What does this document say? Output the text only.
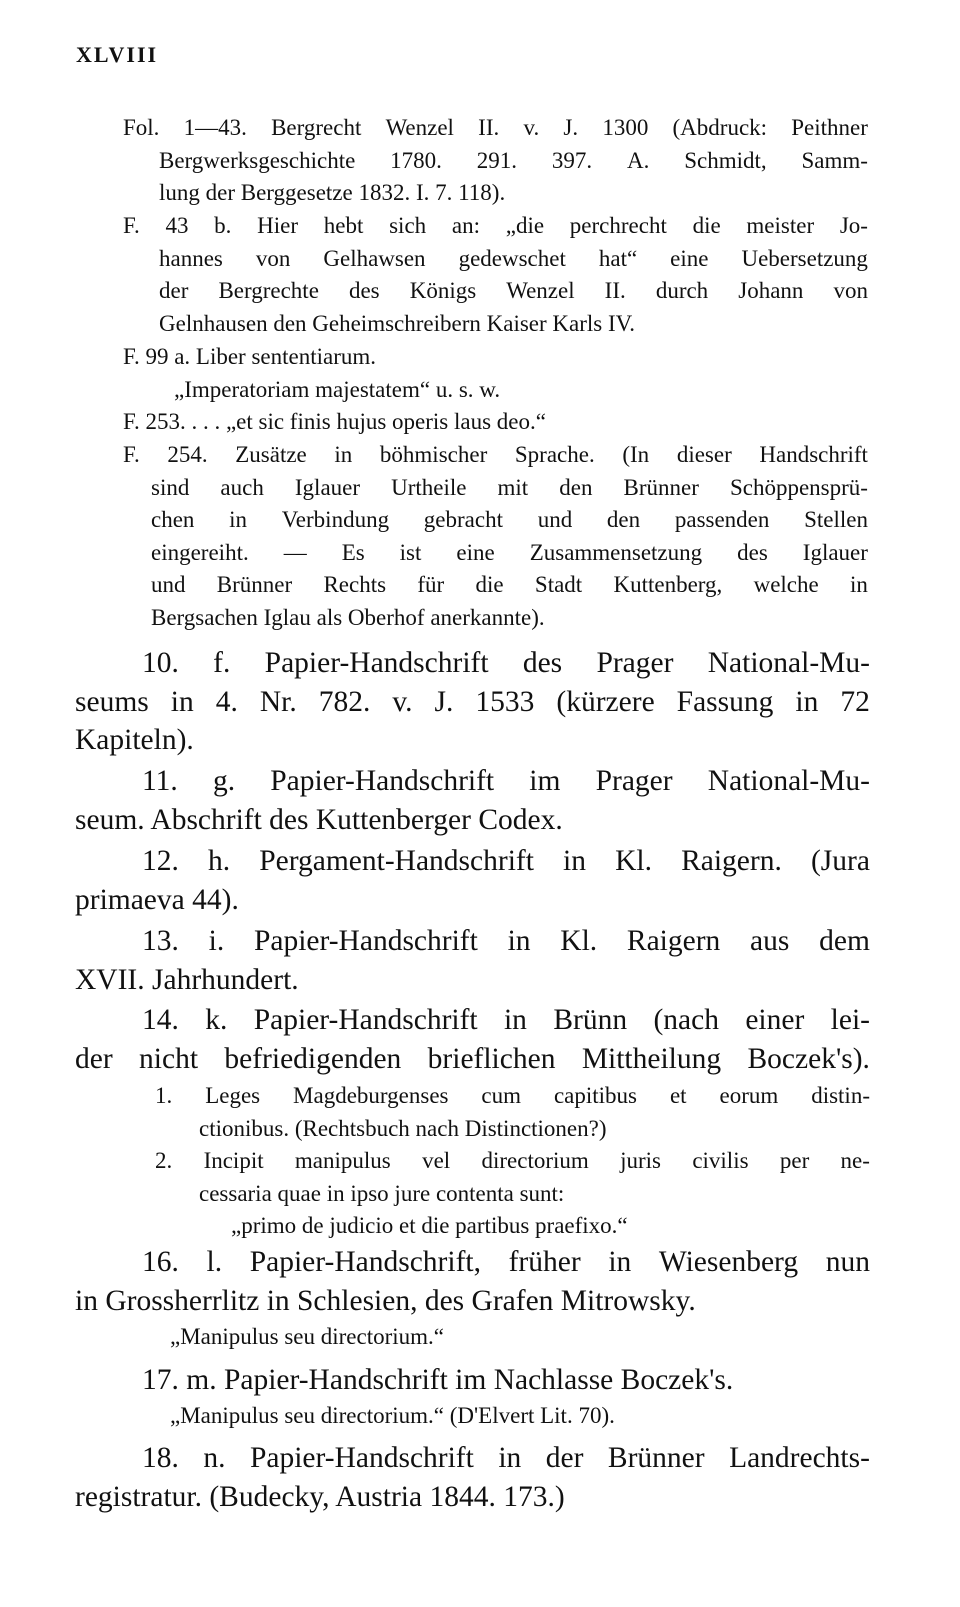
XLVIII
Fol. 1—43. Bergrecht Wenzel II. v. J. 1300 (Abdruck: Peithner
Bergwerksgeschichte 1780. 291. 397. A. Schmidt, Samm-
lung der Berggesetze 1832. I. 7. 118).
F. 43 b. Hier hebt sich an: „die perchrecht die meister Jo-
hannes von Gelhawsen gedewschet hat“ eine Uebersetzung
der Bergrechte des Königs Wenzel II. durch Johann von
Gelnhausen den Geheimschreibern Kaiser Karls IV.
F. 99 a. Liber sententiarum.
„Imperatoriam majestatem“ u. s. w.
F. 253. . . . „et sic finis hujus operis laus deo.“
F. 254. Zusätze in böhmischer Sprache. (In dieser Handschrift
sind auch Iglauer Urtheile mit den Brünner Schöppensprü-
chen in Verbindung gebracht und den passenden Stellen
eingereiht. — Es ist eine Zusammensetzung des Iglauer
und Brünner Rechts für die Stadt Kuttenberg, welche in
Bergsachen Iglau als Oberhof anerkannte).
10. f. Papier-Handschrift des Prager National-Mu-
seums in 4. Nr. 782. v. J. 1533 (kürzere Fassung in 72
Kapiteln).
11. g. Papier-Handschrift im Prager National-Mu-
seum. Abschrift des Kuttenberger Codex.
12. h. Pergament-Handschrift in Kl. Raigern. (Jura
primaeva 44).
13. i. Papier-Handschrift in Kl. Raigern aus dem
XVII. Jahrhundert.
14. k. Papier-Handschrift in Brünn (nach einer lei-
der nicht befriedigenden brieflichen Mittheilung Boczek's).
1. Leges Magdeburgenses cum capitibus et eorum distin-
ctionibus. (Rechtsbuch nach Distinctionen?)
2. Incipit manipulus vel directorium juris civilis per ne-
cessaria quae in ipso jure contenta sunt:
„primo de judicio et die partibus praefixo.“
16. l. Papier-Handschrift, früher in Wiesenberg nun
in Grossherrlitz in Schlesien, des Grafen Mitrowsky.
„Manipulus seu directorium.“
17. m. Papier-Handschrift im Nachlasse Boczek's.
„Manipulus seu directorium.“ (D'Elvert Lit. 70).
18. n. Papier-Handschrift in der Brünner Landrechts-
registratur. (Budecky, Austria 1844. 173.)
